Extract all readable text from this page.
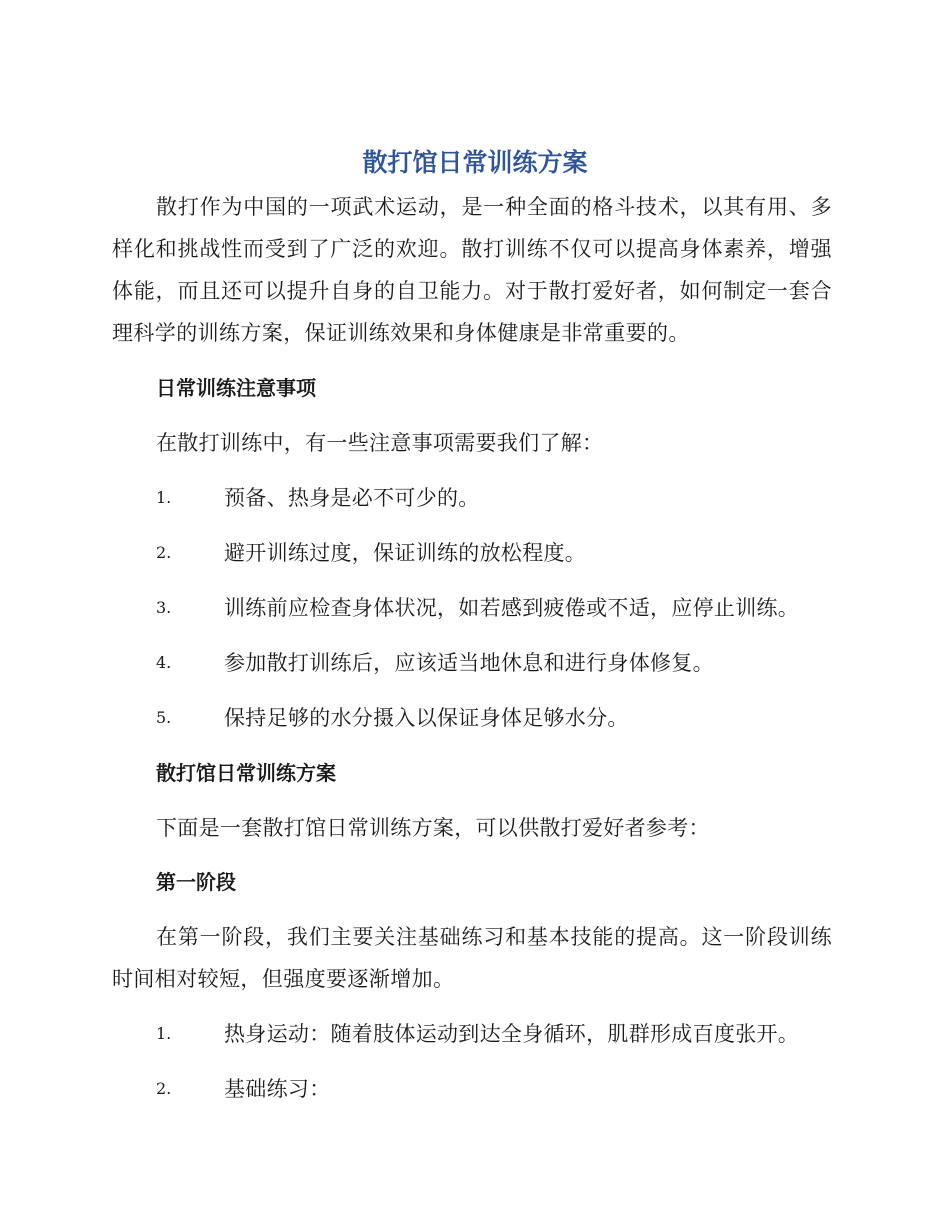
散打馆日常训练方案

散打作为中国的一项武术运动，是一种全面的格斗技术，以其有用、多样化和挑战性而受到了广泛的欢迎。散打训练不仅可以提高身体素养，增强体能，而且还可以提升自身的自卫能力。对于散打爱好者，如何制定一套合理科学的训练方案，保证训练效果和身体健康是非常重要的。

日常训练注意事项

在散打训练中，有一些注意事项需要我们了解：

1.	预备、热身是必不可少的。
2.	避开训练过度，保证训练的放松程度。
3.	训练前应检查身体状况，如若感到疲倦或不适，应停止训练。
4.	参加散打训练后，应该适当地休息和进行身体修复。
5.	保持足够的水分摄入以保证身体足够水分。
散打馆日常训练方案

下面是一套散打馆日常训练方案，可以供散打爱好者参考：

第一阶段

在第一阶段，我们主要关注基础练习和基本技能的提高。这一阶段训练时间相对较短，但强度要逐渐增加。

1.	热身运动：随着肢体运动到达全身循环，肌群形成百度张开。
2.	基础练习：
